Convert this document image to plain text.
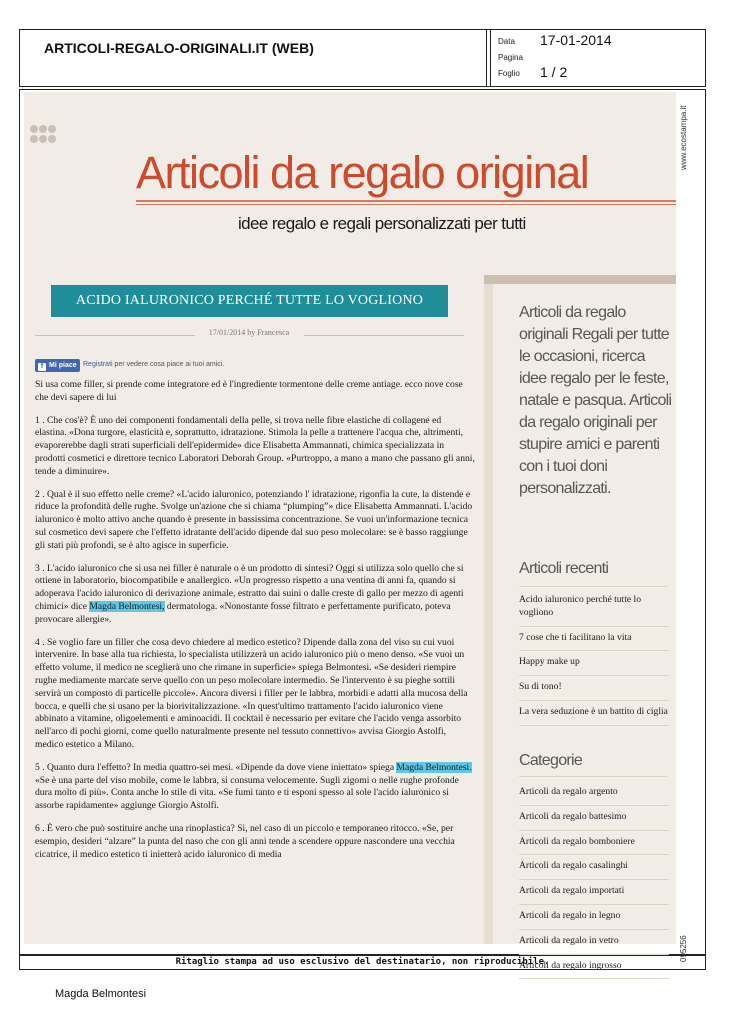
ARTICOLI-REGALO-ORIGINALI.IT (WEB)	Data 17-01-2014
Pagina
Foglio 1 / 2
www.ecostampa.it
Articoli da regalo original
idee regalo e regali personalizzati per tutti
ACIDO IALURONICO PERCHÉ TUTTE LO VOGLIONO
17/01/2014 by Francesca
f Mi piace Registrati per vedere cosa piace ai tuoi amici.

Si usa come filler, si prende come integratore ed è l'ingrediente tormentone delle creme antiage. ecco nove cose che devi sapere di lui

1 . Che cos'è? È uno dei componenti fondamentali della pelle, si trova nelle fibre elastiche di collagene ed elastina. «Dona turgore, elasticità e, soprattutto, idratazione. Stimola la pelle a trattenere l'acqua che, altrimenti, evaporerebbe dagli strati superficiali dell'epidermide» dice Elisabetta Ammannati, chimica specializzata in prodotti cosmetici e direttore tecnico Laboratori Deborah Group. «Purtroppo, a mano a mano che passano gli anni, tende a diminuire».

2 . Qual è il suo effetto nelle creme? «L'acido ialuronico, potenziando l' idratazione, rigonfia la cute, la distende e riduce la profondità delle rughe. Svolge un'azione che si chiama “plumping”» dice Elisabetta Ammannati. L'acido ialuronico è molto attivo anche quando è presente in bassissima concentrazione. Se vuoi un'informazione tecnica sul cosmetico devi sapere che l'effetto idratante dell'acido dipende dal suo peso molecolare: se è basso raggiunge gli stati più profondi, se è alto agisce in superficie.

3 . L'acido ialuronico che si usa nei filler è naturale o è un prodotto di sintesi? Oggi si utilizza solo quello che si ottiene in laboratorio, biocompatibile e anallergico. «Un progresso rispetto a una ventina di anni fa, quando si adoperava l'acido ialuronico di derivazione animale, estratto dai suini o dalle creste di gallo per mezzo di agenti chimici» dice Magda Belmontesi, dermatologa. «Nonostante fosse filtrato e perfettamente purificato, poteva provocare allergie».

4 . Se voglio fare un filler che cosa devo chiedere al medico estetico? Dipende dalla zona del viso su cui vuoi intervenire. In base alla tua richiesta, lo specialista utilizzerà un acido ialuronico più o meno denso. «Se vuoi un effetto volume, il medico ne sceglierà uno che rimane in superficie» spiega Belmontesi. «Se desideri riempire rughe mediamente marcate serve quello con un peso molecolare intermedio. Se l'intervento è su pieghe sottili servirà un composto di particelle piccole». Ancora diversi i filler per le labbra, morbidi e adatti alla mucosa della bocca, e quelli che si usano per la biorivitalizzazione. «In quest'ultimo trattamento l'acido ialuronico viene abbinato a vitamine, oligoelementi e aminoacidi. Il cocktail è necessario per evitare che l'acido venga assorbito nell'arco di pochi giorni, come quello naturalmente presente nel tessuto connettivo» avvisa Giorgio Astolfi, medico estetico a Milano.

5 . Quanto dura l'effetto? In media quattro-sei mesi. «Dipende da dove viene iniettato» spiega Magda Belmontesi. «Se è una parte del viso mobile, come le labbra, si consuma velocemente. Sugli zigomi o nelle rughe profonde dura molto di più». Conta anche lo stile di vita. «Se fumi tanto e ti esponi spesso al sole l'acido ialuronico si assorbe rapidamente» aggiunge Giorgio Astolfi.

6 . È vero che può sostituire anche una rinoplastica? Sì, nel caso di un piccolo e temporaneo ritocco. «Se, per esempio, desideri “alzare” la punta del naso che con gli anni tende a scendere oppure nascondere una vecchia cicatrice, il medico estetico ti inietterà acido ialuronico di media

Articoli da regalo originali Regali per tutte le occasioni, ricerca idee regalo per le feste, natale e pasqua. Articoli da regalo originali per stupire amici e parenti con i tuoi doni personalizzati.
Articoli recenti
Acido ialuronico perché tutte lo vogliono
7 cose che ti facilitano la vita
Happy make up
Su di tono!
La vera seduzione è un battito di ciglia
Categorie
Articoli da regalo argento
Articoli da regalo battesimo
Articoli da regalo bomboniere
Articoli da regalo casalinghi
Articoli da regalo importati
Articoli da regalo in legno
Articoli da regalo in vetro
Articoli da regalo ingrosso
095256
Ritaglio stampa ad uso esclusivo del destinatario, non riproducibile.
Magda Belmontesi
